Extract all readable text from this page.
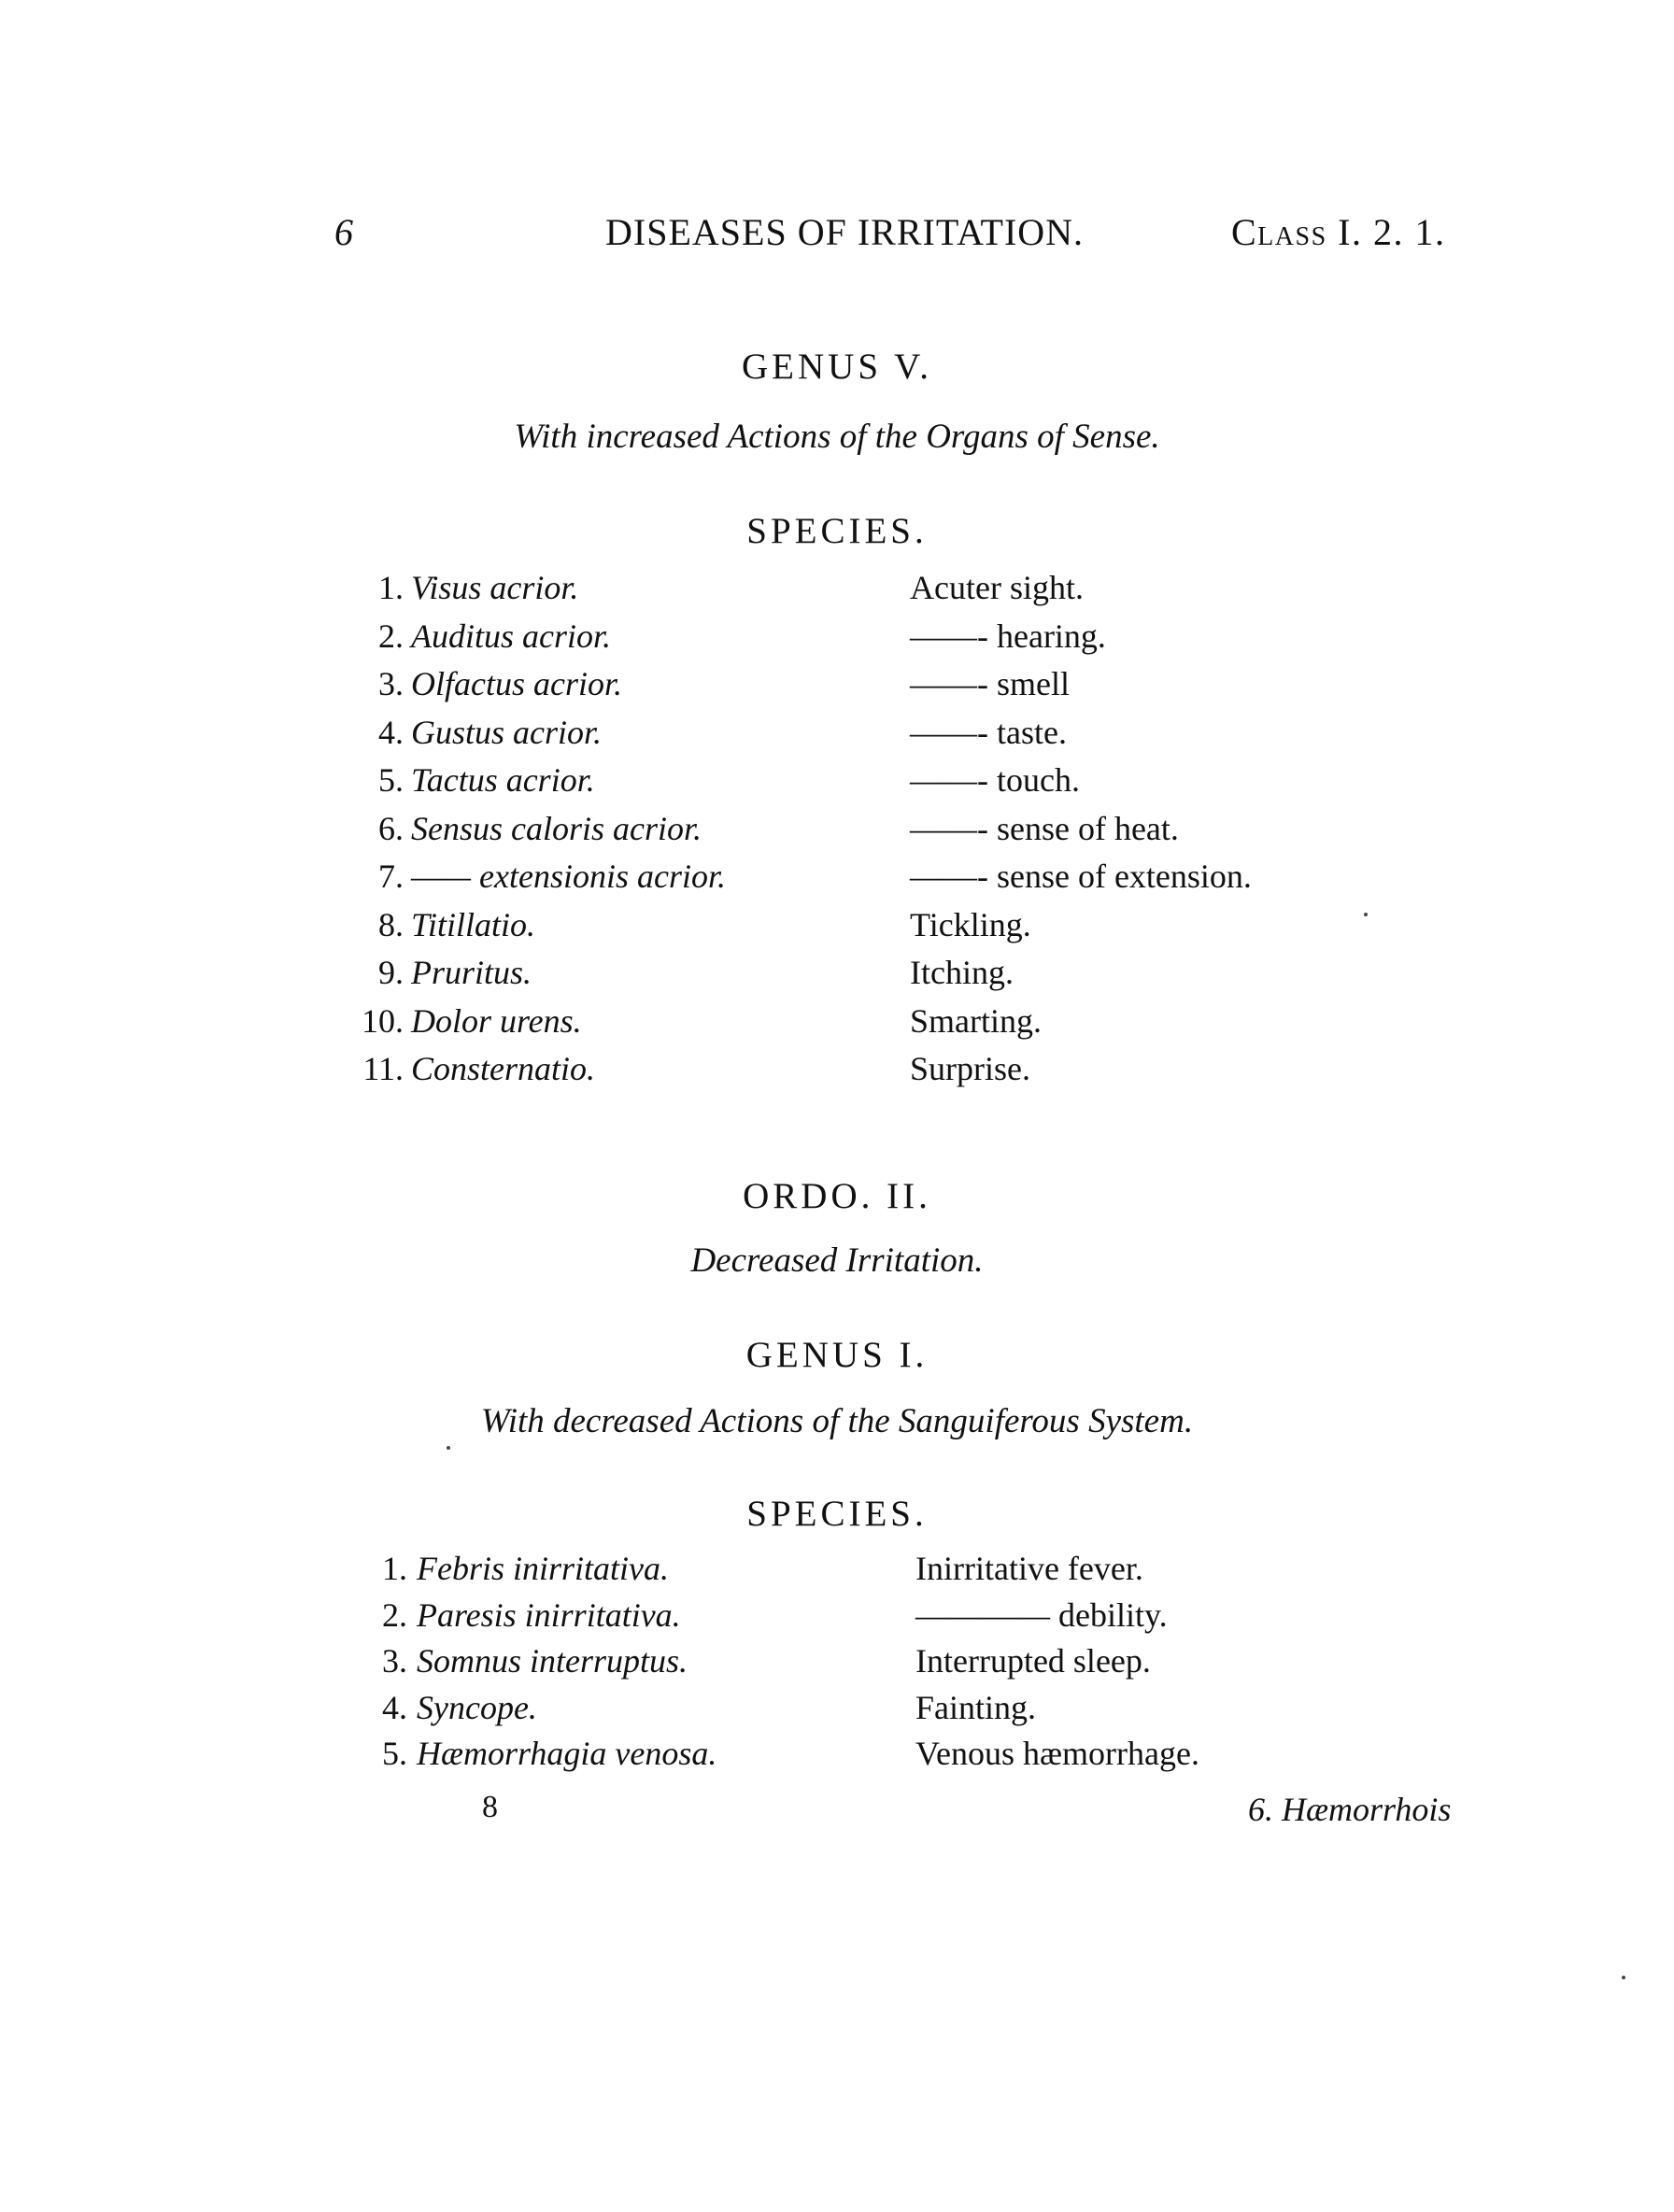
6	DISEASES OF IRRITATION.	Class I. 2. 1.
GENUS V.
With increased Actions of the Organs of Sense.
SPECIES.
1. Visus acrior.	Acuter sight.
2. Auditus acrior.	——- hearing.
3. Olfactus acrior.	——- smell
4. Gustus acrior.	——- taste.
5. Tactus acrior.	——- touch.
6. Sensus caloris acrior.	——- sense of heat.
7. —— extensionis acrior.	——- sense of extension.
8. Titillatio.	Tickling.
9. Pruritus.	Itching.
10. Dolor urens.	Smarting.
11. Consternatio.	Surprise.
ORDO. II.
Decreased Irritation.
GENUS I.
With decreased Actions of the Sanguiferous System.
SPECIES.
1. Febris inirritativa.	Inirritative fever.
2. Paresis inirritativa.	———— debility.
3. Somnus interruptus.	Interrupted sleep.
4. Syncope.	Fainting.
5. Hæmorrhagia venosa.	Venous hæmorrhage.
8	6. Hæmorrhois
